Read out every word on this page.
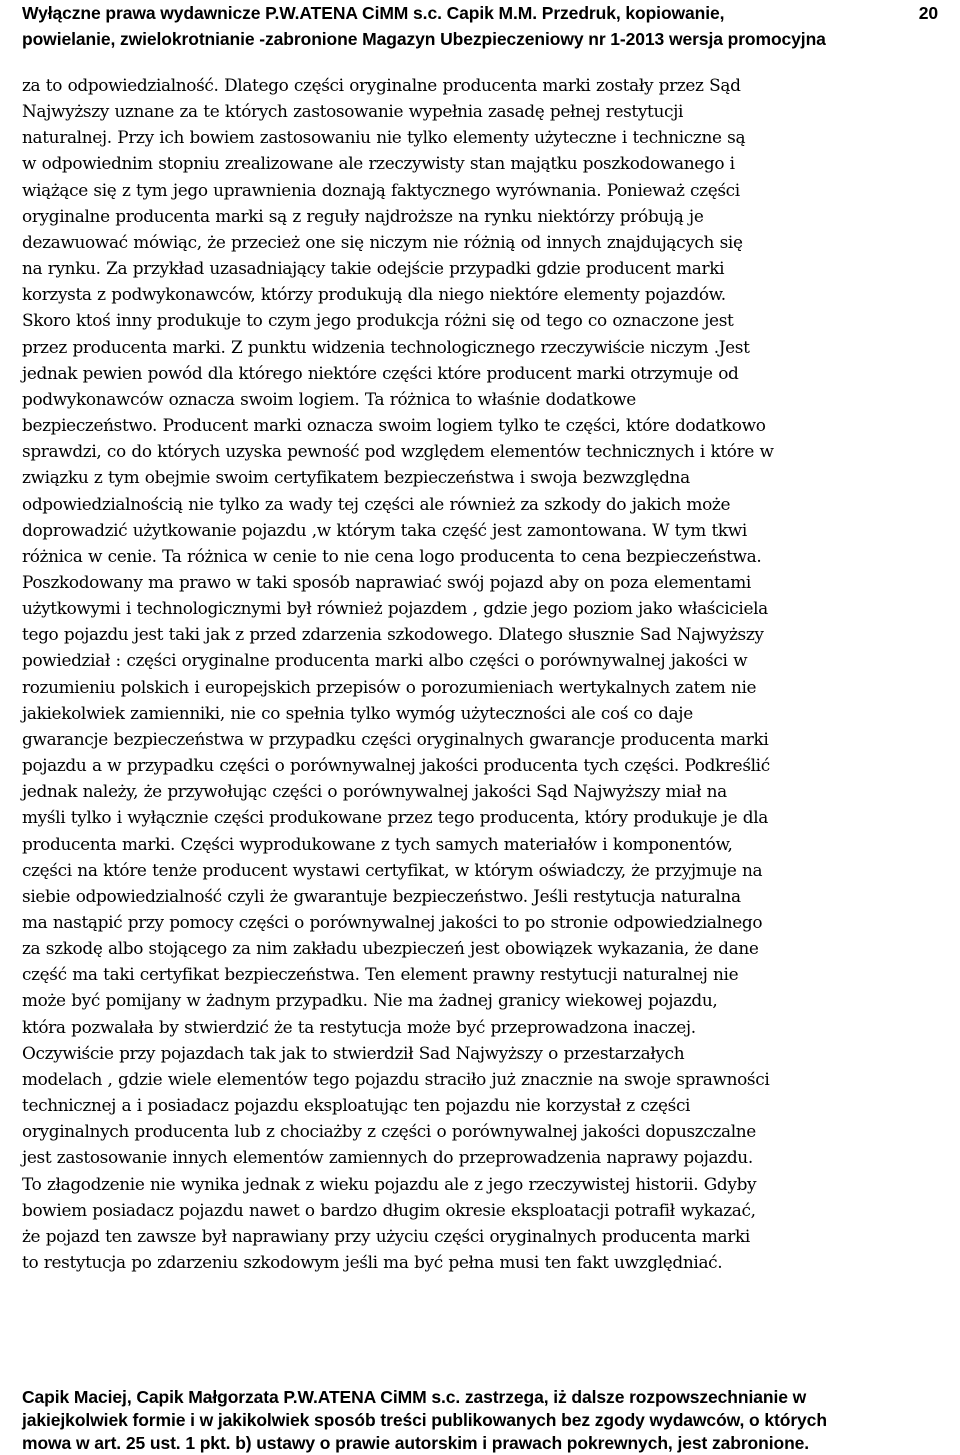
Wyłączne prawa wydawnicze P.W.ATENA CiMM s.c. Capik M.M. Przedruk, kopiowanie,
powielanie, zwielokrotnianie -zabronione Magazyn Ubezpieczeniowy nr 1-2013 wersja promocyjna
20
za to odpowiedzialność. Dlatego części oryginalne producenta marki zostały przez Sąd
Najwyższy uznane za te których zastosowanie wypełnia zasadę pełnej restytucji
naturalnej. Przy ich bowiem zastosowaniu nie tylko elementy użyteczne i techniczne są
w odpowiednim stopniu zrealizowane ale rzeczywisty stan majątku poszkodowanego i
wiążące się z tym jego uprawnienia doznają faktycznego wyrównania. Ponieważ części
oryginalne producenta marki są z reguły najdroższe na rynku niektórzy próbują je
dezawuować mówiąc, że przecież one się niczym nie różnią od innych znajdujących się
na rynku. Za przykład uzasadniający takie odejście przypadki gdzie producent marki
korzysta z podwykonawców, którzy produkują dla niego niektóre elementy pojazdów.
Skoro ktoś inny produkuje to czym jego produkcja różni się od tego co oznaczone jest
przez producenta marki. Z punktu widzenia technologicznego rzeczywiście niczym .Jest
jednak pewien powód dla którego niektóre części które producent marki otrzymuje od
podwykonawców oznacza swoim logiem. Ta różnica to właśnie dodatkowe
bezpieczeństwo. Producent marki oznacza swoim logiem tylko te części, które dodatkowo
sprawdzi, co do których uzyska pewność pod względem elementów technicznych i które w
związku z tym obejmie swoim certyfikatem bezpieczeństwa i swoja bezwzględna
odpowiedzialnością nie tylko za wady tej części ale również za szkody do jakich może
doprowadzić użytkowanie pojazdu ,w którym taka część jest zamontowana. W tym tkwi
różnica w cenie. Ta różnica w cenie to nie cena logo producenta to cena bezpieczeństwa.
Poszkodowany ma prawo w taki sposób naprawiać swój pojazd aby on poza elementami
użytkowymi i technologicznymi był również pojazdem , gdzie jego poziom jako właściciela
tego pojazdu jest taki jak z przed zdarzenia szkodowego. Dlatego słusznie Sad Najwyższy
powiedział : części oryginalne producenta marki albo części o porównywalnej jakości w
rozumieniu polskich i europejskich przepisów o porozumieniach wertykalnych zatem nie
jakiekolwiek zamienniki, nie co spełnia tylko wymóg użyteczności ale coś co daje
gwarancje bezpieczeństwa w przypadku części oryginalnych gwarancje producenta marki
pojazdu a w przypadku części o porównywalnej jakości producenta tych części. Podkreślić
jednak należy, że przywołując części o porównywalnej jakości Sąd Najwyższy miał na
myśli tylko i wyłącznie części produkowane przez tego producenta, który produkuje je dla
producenta marki. Części wyprodukowane z tych samych materiałów i komponentów,
części na które tenże producent wystawi certyfikat, w którym oświadczy, że przyjmuje na
siebie odpowiedzialność czyli że gwarantuje bezpieczeństwo. Jeśli restytucja naturalna
ma nastąpić przy pomocy części o porównywalnej jakości to po stronie odpowiedzialnego
za szkodę albo stojącego za nim zakładu ubezpieczeń jest obowiązek wykazania, że dane
część ma taki certyfikat bezpieczeństwa. Ten element prawny restytucji naturalnej nie
może być pomijany w żadnym przypadku. Nie ma żadnej granicy wiekowej pojazdu,
która pozwalała by stwierdzić że ta restytucja może być przeprowadzona inaczej.
Oczywiście przy pojazdach tak jak to stwierdził Sad Najwyższy o przestarzałych
modelach , gdzie wiele elementów tego pojazdu straciło już znacznie na swoje sprawności
technicznej a i posiadacz pojazdu eksploatując ten pojazdu nie korzystał z części
oryginalnych producenta lub z chociażby z części o porównywalnej jakości dopuszczalne
jest zastosowanie innych elementów zamiennych do przeprowadzenia naprawy pojazdu.
To złagodzenie nie wynika jednak z wieku pojazdu ale z jego rzeczywistej historii. Gdyby
bowiem posiadacz pojazdu nawet o bardzo długim okresie eksploatacji potrafił wykazać,
że pojazd ten zawsze był naprawiany przy użyciu części oryginalnych producenta marki
to restytucja po zdarzeniu szkodowym jeśli ma być pełna musi ten fakt uwzględniać.
Capik Maciej, Capik Małgorzata P.W.ATENA CiMM s.c. zastrzega, iż dalsze rozpowszechnianie w
jakiejkolwiek formie i w jakikolwiek sposób treści publikowanych bez zgody wydawców, o których
mowa w art. 25 ust. 1 pkt. b) ustawy o prawie autorskim i prawach pokrewnych, jest zabronione.
